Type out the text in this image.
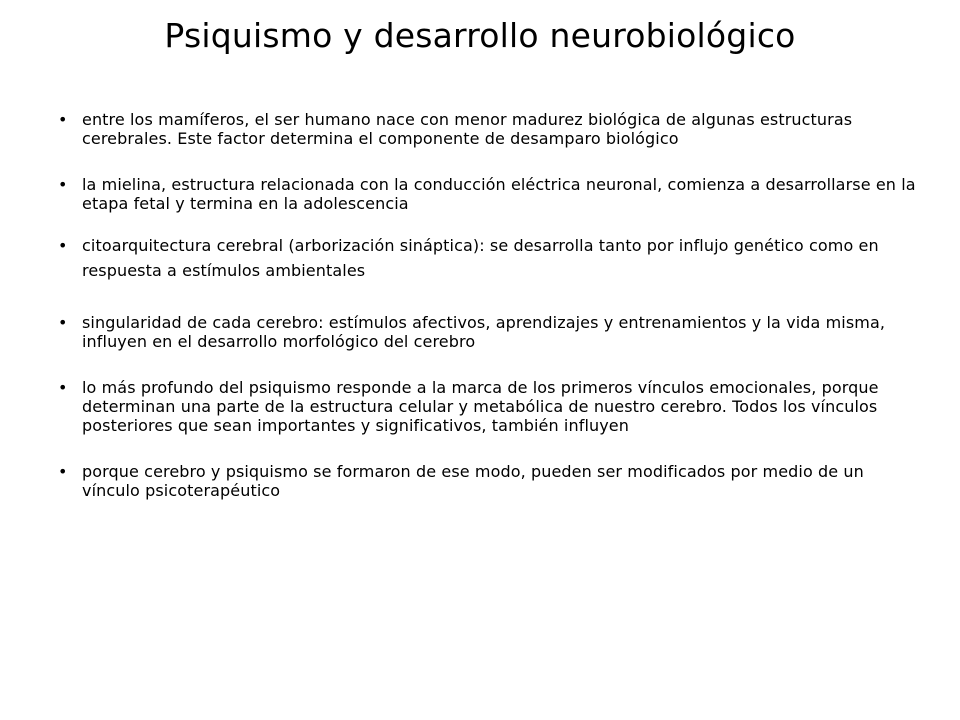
Psiquismo y desarrollo neurobiológico
• entre los mamíferos, el ser humano nace con menor madurez biológica de algunas estructuras cerebrales. Este factor determina el componente de desamparo biológico
• la mielina, estructura relacionada con la conducción eléctrica neuronal, comienza a desarrollarse en la etapa fetal y termina en la adolescencia
• citoarquitectura cerebral (arborización sináptica): se desarrolla tanto por influjo genético como en respuesta a estímulos ambientales
• singularidad de cada cerebro: estímulos afectivos, aprendizajes y entrenamientos y la vida misma, influyen en el desarrollo morfológico del cerebro
• lo más profundo del psiquismo responde a la marca de los primeros vínculos emocionales, porque determinan una parte de la estructura celular y metabólica de nuestro cerebro. Todos los vínculos posteriores que sean importantes y significativos, también influyen
• porque cerebro y psiquismo se formaron de ese modo, pueden ser modificados por medio de un vínculo psicoterapéutico
